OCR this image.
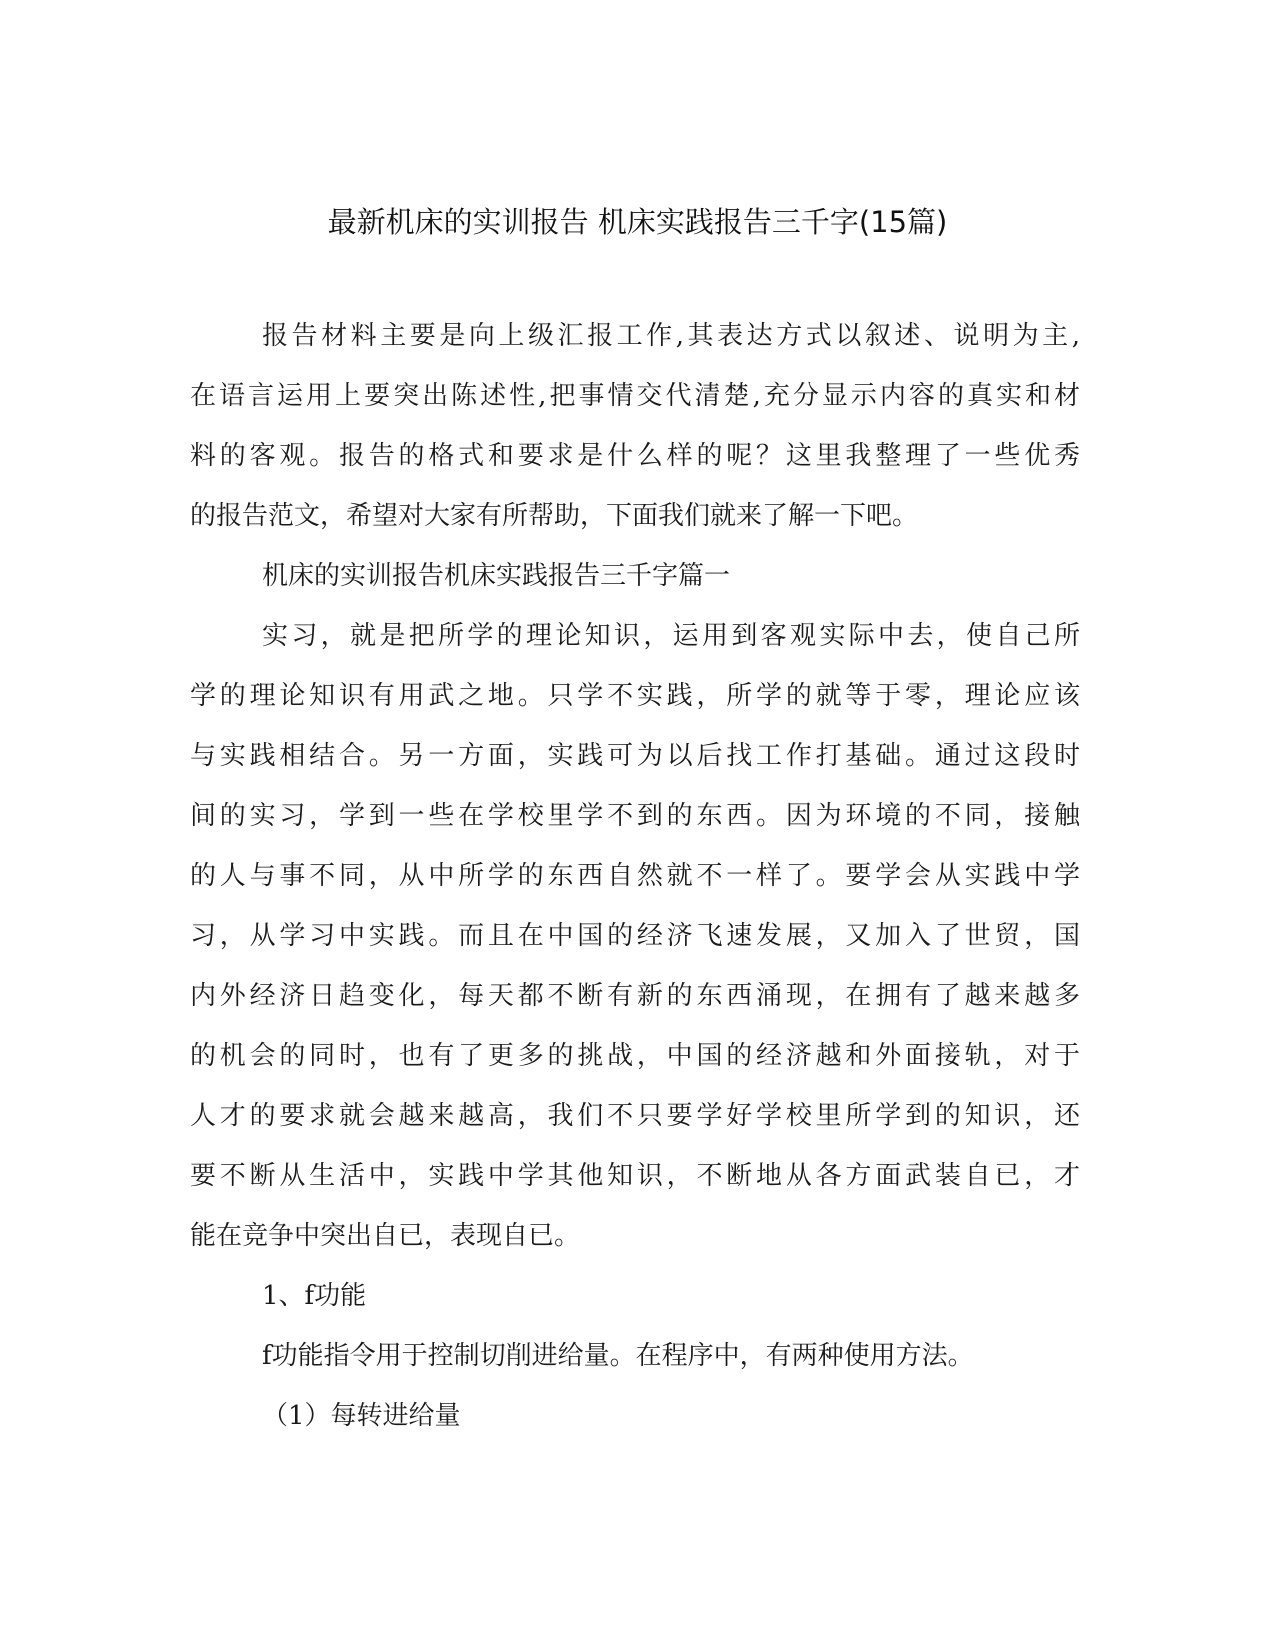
最新机床的实训报告 机床实践报告三千字(15篇)
报告材料主要是向上级汇报工作,其表达方式以叙述、说明为主,
在语言运用上要突出陈述性,把事情交代清楚,充分显示内容的真实和材
料的客观。报告的格式和要求是什么样的呢？这里我整理了一些优秀
的报告范文，希望对大家有所帮助，下面我们就来了解一下吧。
机床的实训报告机床实践报告三千字篇一
实习，就是把所学的理论知识，运用到客观实际中去，使自己所
学的理论知识有用武之地。只学不实践，所学的就等于零，理论应该
与实践相结合。另一方面，实践可为以后找工作打基础。通过这段时
间的实习，学到一些在学校里学不到的东西。因为环境的不同，接触
的人与事不同，从中所学的东西自然就不一样了。要学会从实践中学
习，从学习中实践。而且在中国的经济飞速发展，又加入了世贸，国
内外经济日趋变化，每天都不断有新的东西涌现，在拥有了越来越多
的机会的同时，也有了更多的挑战，中国的经济越和外面接轨，对于
人才的要求就会越来越高，我们不只要学好学校里所学到的知识，还
要不断从生活中，实践中学其他知识，不断地从各方面武装自已，才
能在竞争中突出自已，表现自已。
1、f功能
f功能指令用于控制切削进给量。在程序中，有两种使用方法。
（1）每转进给量
